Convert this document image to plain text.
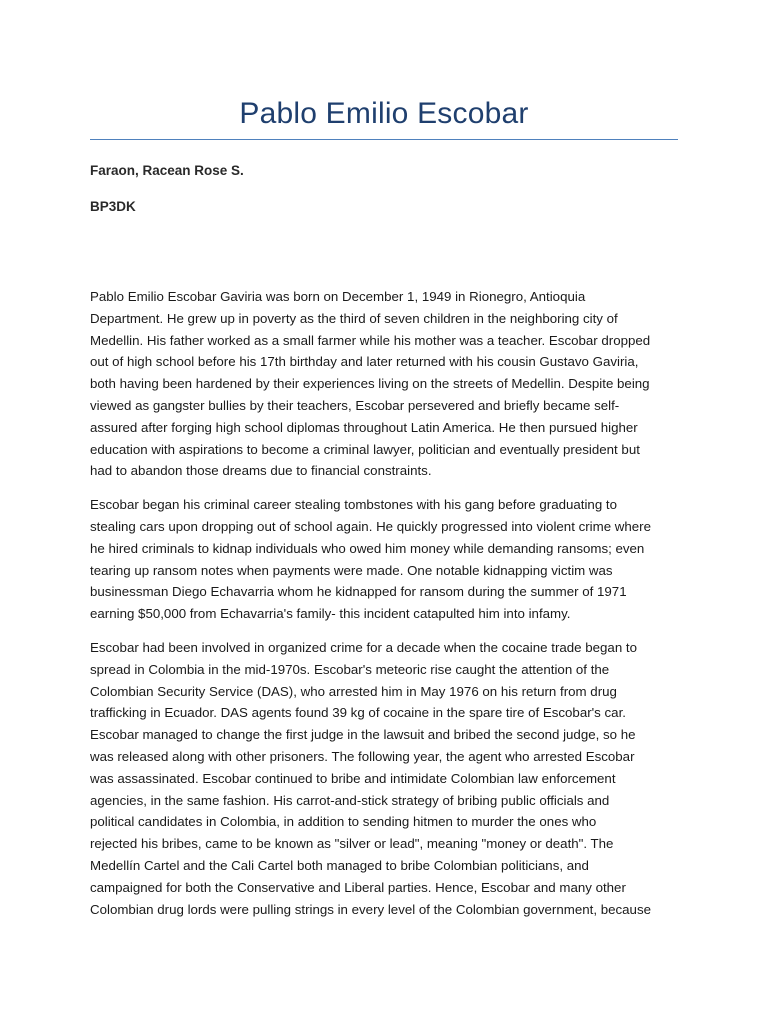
Pablo Emilio Escobar
Faraon, Racean Rose S.
BP3DK

Pablo Emilio Escobar Gaviria was born on December 1, 1949 in Rionegro, Antioquia
Department. He grew up in poverty as the third of seven children in the neighboring city of
Medellin. His father worked as a small farmer while his mother was a teacher. Escobar dropped
out of high school before his 17th birthday and later returned with his cousin Gustavo Gaviria,
both having been hardened by their experiences living on the streets of Medellin. Despite being
viewed as gangster bullies by their teachers, Escobar persevered and briefly became self-
assured after forging high school diplomas throughout Latin America. He then pursued higher
education with aspirations to become a criminal lawyer, politician and eventually president but
had to abandon those dreams due to financial constraints.

Escobar began his criminal career stealing tombstones with his gang before graduating to
stealing cars upon dropping out of school again. He quickly progressed into violent crime where
he hired criminals to kidnap individuals who owed him money while demanding ransoms; even
tearing up ransom notes when payments were made. One notable kidnapping victim was
businessman Diego Echavarria whom he kidnapped for ransom during the summer of 1971
earning $50,000 from Echavarria's family- this incident catapulted him into infamy.

Escobar had been involved in organized crime for a decade when the cocaine trade began to
spread in Colombia in the mid-1970s. Escobar's meteoric rise caught the attention of the
Colombian Security Service (DAS), who arrested him in May 1976 on his return from drug
trafficking in Ecuador. DAS agents found 39 kg of cocaine in the spare tire of Escobar's car.
Escobar managed to change the first judge in the lawsuit and bribed the second judge, so he
was released along with other prisoners. The following year, the agent who arrested Escobar
was assassinated. Escobar continued to bribe and intimidate Colombian law enforcement
agencies, in the same fashion. His carrot-and-stick strategy of bribing public officials and
political candidates in Colombia, in addition to sending hitmen to murder the ones who
rejected his bribes, came to be known as "silver or lead", meaning "money or death". The
Medellín Cartel and the Cali Cartel both managed to bribe Colombian politicians, and
campaigned for both the Conservative and Liberal parties. Hence, Escobar and many other
Colombian drug lords were pulling strings in every level of the Colombian government, because
